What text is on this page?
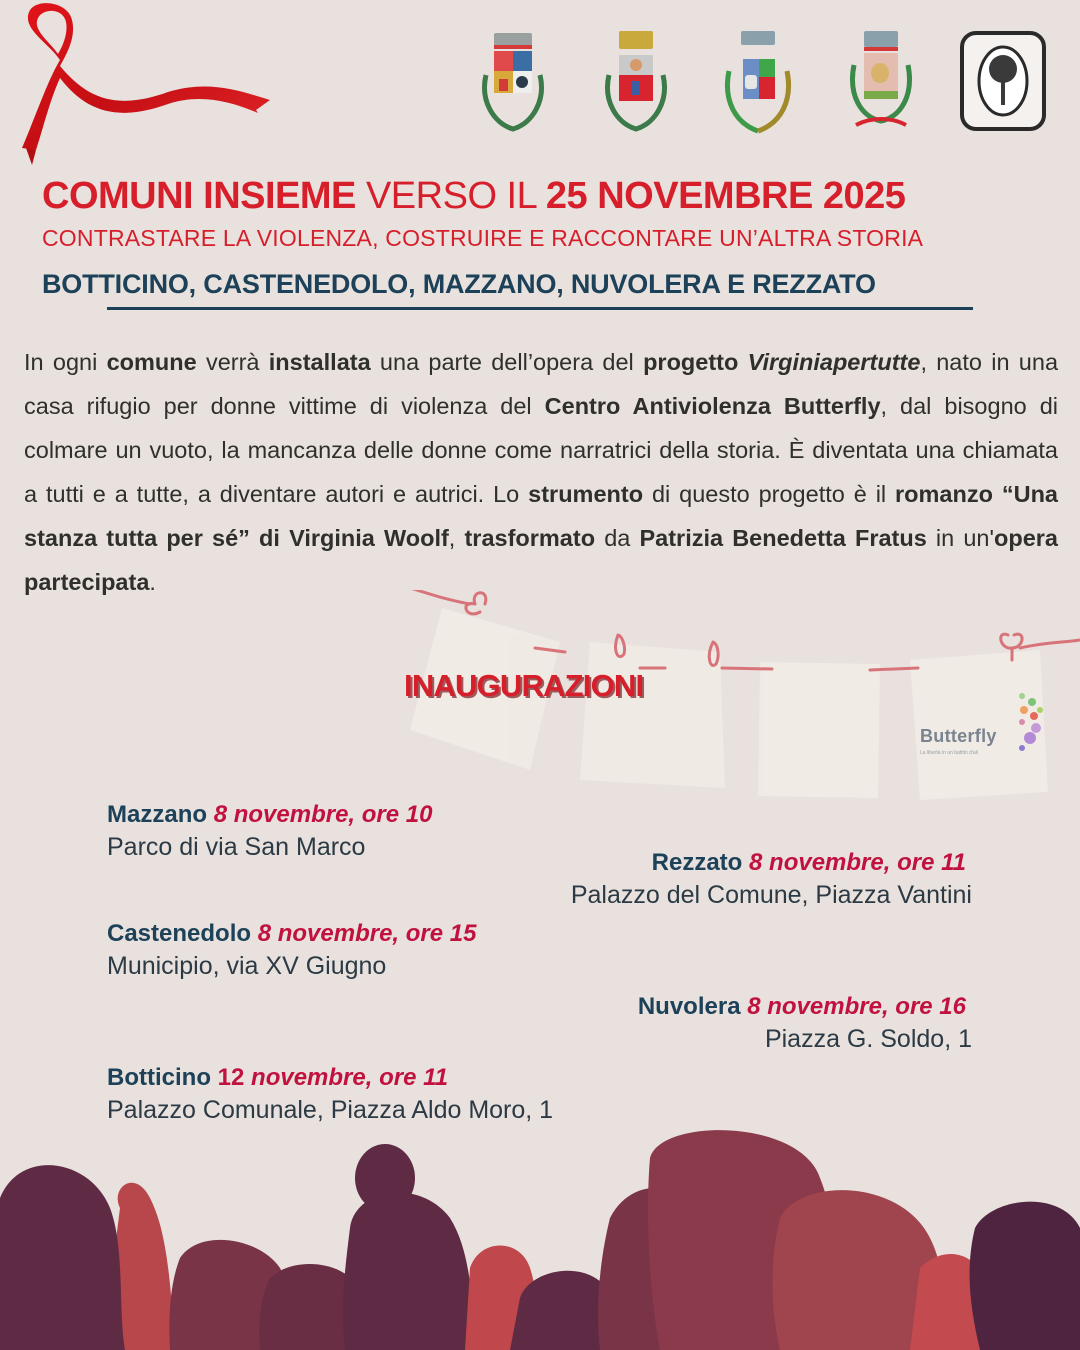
COMUNI INSIEME VERSO IL 25 NOVEMBRE 2025
CONTRASTARE LA VIOLENZA, COSTRUIRE E RACCONTARE UN’ALTRA STORIA
BOTTICINO, CASTENEDOLO, MAZZANO, NUVOLERA E REZZATO

In ogni comune verrà installata una parte dell’opera del progetto Virginiapertutte, nato in una casa rifugio per donne vittime di violenza del Centro Antiviolenza Butterfly, dal bisogno di colmare un vuoto, la mancanza delle donne come narratrici della storia. È diventata una chiamata a tutti e a tutte, a diventare autori e autrici. Lo strumento di questo progetto è il romanzo “Una stanza tutta per sé” di Virginia Woolf, trasformato da Patrizia Benedetta Fratus in un'opera partecipata.

INAUGURAZIONI
Butterfly
La libertà in un battito d'ali
Mazzano 8 novembre, ore 10
Parco di via San Marco
Rezzato 8 novembre, ore 11
Palazzo del Comune, Piazza Vantini
Castenedolo 8 novembre, ore 15
Municipio, via XV Giugno
Nuvolera 8 novembre, ore 16
Piazza G. Soldo, 1
Botticino 12 novembre, ore 11
Palazzo Comunale, Piazza Aldo Moro, 1
